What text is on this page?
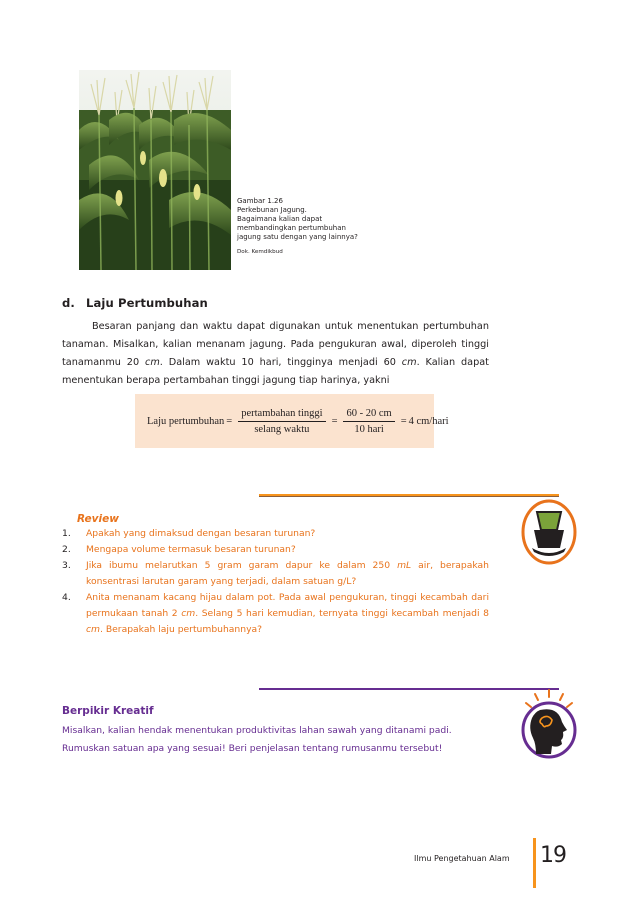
Gambar 1.26
Perkebunan Jagung.
Bagaimana kalian dapat
membandingkan pertumbuhan
jagung satu dengan yang lainnya?
Dok. Kemdikbud
d. Laju Pertumbuhan

Besaran panjang dan waktu dapat digunakan untuk menentukan pertumbuhan tanaman. Misalkan, kalian menanam jagung. Pada pengukuran awal, diperoleh tinggi tanamanmu 20 cm. Dalam waktu 10 hari, tingginya menjadi 60 cm. Kalian dapat menentukan berapa pertambahan tinggi jagung tiap harinya, yakni

Laju pertumbuhan = $\frac{\text{pertambahan tinggi}}{\text{selang waktu}} = \frac{60 - 20 cm}{\text{10 hari}} = 4$ cm/hari
Review
1.	Apakah yang dimaksud dengan besaran turunan?
2.	Mengapa volume termasuk besaran turunan?
3.	Jika ibumu melarutkan 5 gram garam dapur ke dalam 250 mL air, berapakah konsentrasi larutan garam yang terjadi, dalam satuan g/L?
4.	Anita menanam kacang hijau dalam pot. Pada awal pengukuran, tinggi kecambah dari permukaan tanah 2 cm. Selang 5 hari kemudian, ternyata tinggi kecambah menjadi 8 cm. Berapakah laju pertumbuhannya?
Berpikir Kreatif
Misalkan, kalian hendak menentukan produktivitas lahan sawah yang ditanami padi. Rumuskan satuan apa yang sesuai! Beri penjelasan tentang rumusanmu tersebut!
Ilmu Pengetahuan Alam 19
